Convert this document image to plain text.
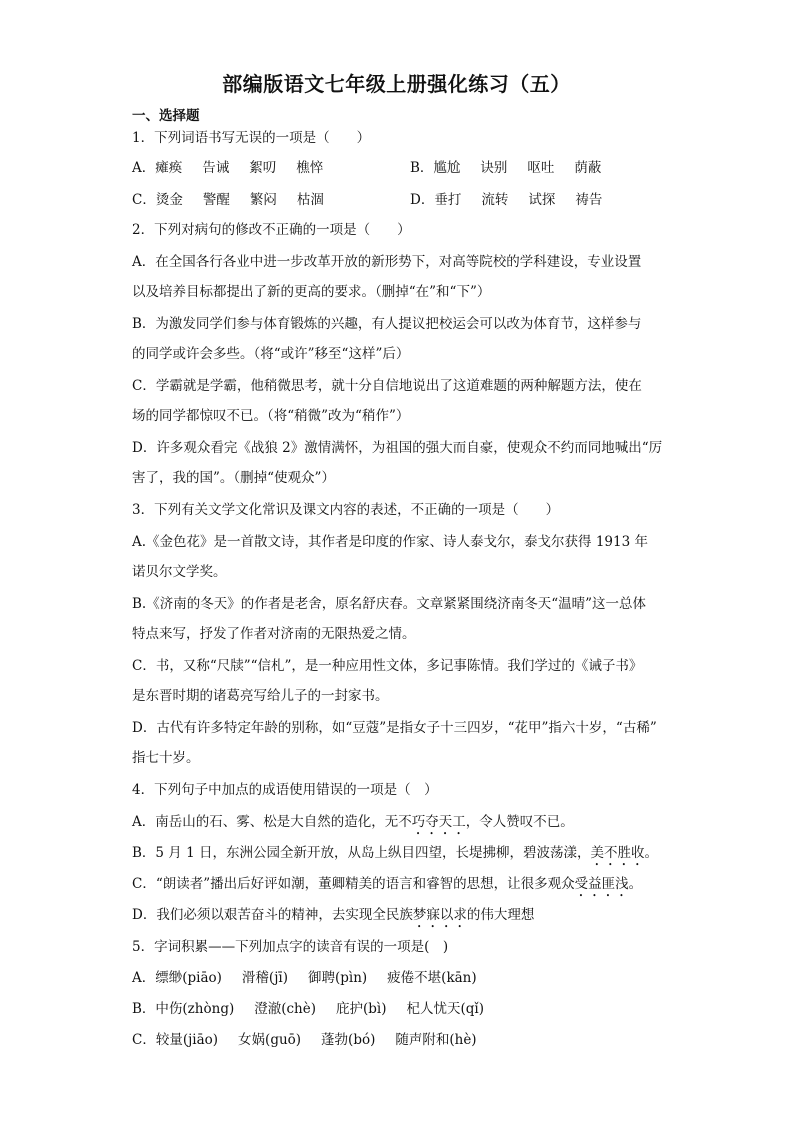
部编版语文七年级上册强化练习（五）
一、选择题
1．下列词语书写无误的一项是（　　）
A．瘫痪 告诫 絮叨 樵悴	B．尴尬 诀别 呕吐 荫蔽
C．烫金 警醒 繁闷 枯涸	D．垂打 流转 试探 祷告
2．下列对病句的修改不正确的一项是（　　）
A．在全国各行各业中进一步改革开放的新形势下，对高等院校的学科建设，专业设置
以及培养目标都提出了新的更高的要求。（删掉“在”和“下”）
B．为激发同学们参与体育锻炼的兴趣，有人提议把校运会可以改为体育节，这样参与
的同学或许会多些。（将“或许”移至“这样”后）
C．学霸就是学霸，他稍微思考，就十分自信地说出了这道难题的两种解题方法，使在
场的同学都惊叹不已。（将“稍微”改为“稍作”）
D．许多观众看完《战狼 2》激情满怀，为祖国的强大而自豪，使观众不约而同地喊出“厉
害了，我的国”。（删掉“使观众”）
3．下列有关文学文化常识及课文内容的表述，不正确的一项是（　　）
A.《金色花》是一首散文诗，其作者是印度的作家、诗人泰戈尔，泰戈尔获得 1913 年
诺贝尔文学奖。
B.《济南的冬天》的作者是老舍，原名舒庆春。文章紧紧围绕济南冬天“温晴”这一总体
特点来写，抒发了作者对济南的无限热爱之情。
C．书，又称“尺牍”“信札”，是一种应用性文体，多记事陈情。我们学过的《诫子书》
是东晋时期的诸葛亮写给儿子的一封家书。
D．古代有许多特定年龄的别称，如“豆蔻”是指女子十三四岁，“花甲”指六十岁，“古稀”
指七十岁。
4．下列句子中加点的成语使用错误的一项是（　）
A．南岳山的石、雾、松是大自然的造化，无不巧夺天工，令人赞叹不已。
B．5 月 1 日，东洲公园全新开放，从岛上纵目四望，长堤拂柳，碧波荡漾，美不胜收。
C．“朗读者”播出后好评如潮，董卿精美的语言和睿智的思想，让很多观众受益匪浅。
D．我们必须以艰苦奋斗的精神，去实现全民族梦寐以求的伟大理想
5．字词积累——下列加点字的读音有误的一项是(　)
A．缥缈(piāo) 滑稽(jī) 御聘(pìn) 疲倦不堪(kān)
B．中伤(zhòng) 澄澈(chè) 庇护(bì) 杞人忧天(qǐ)
C．较量(jiāo) 女娲(guō) 蓬勃(bó) 随声附和(hè)
